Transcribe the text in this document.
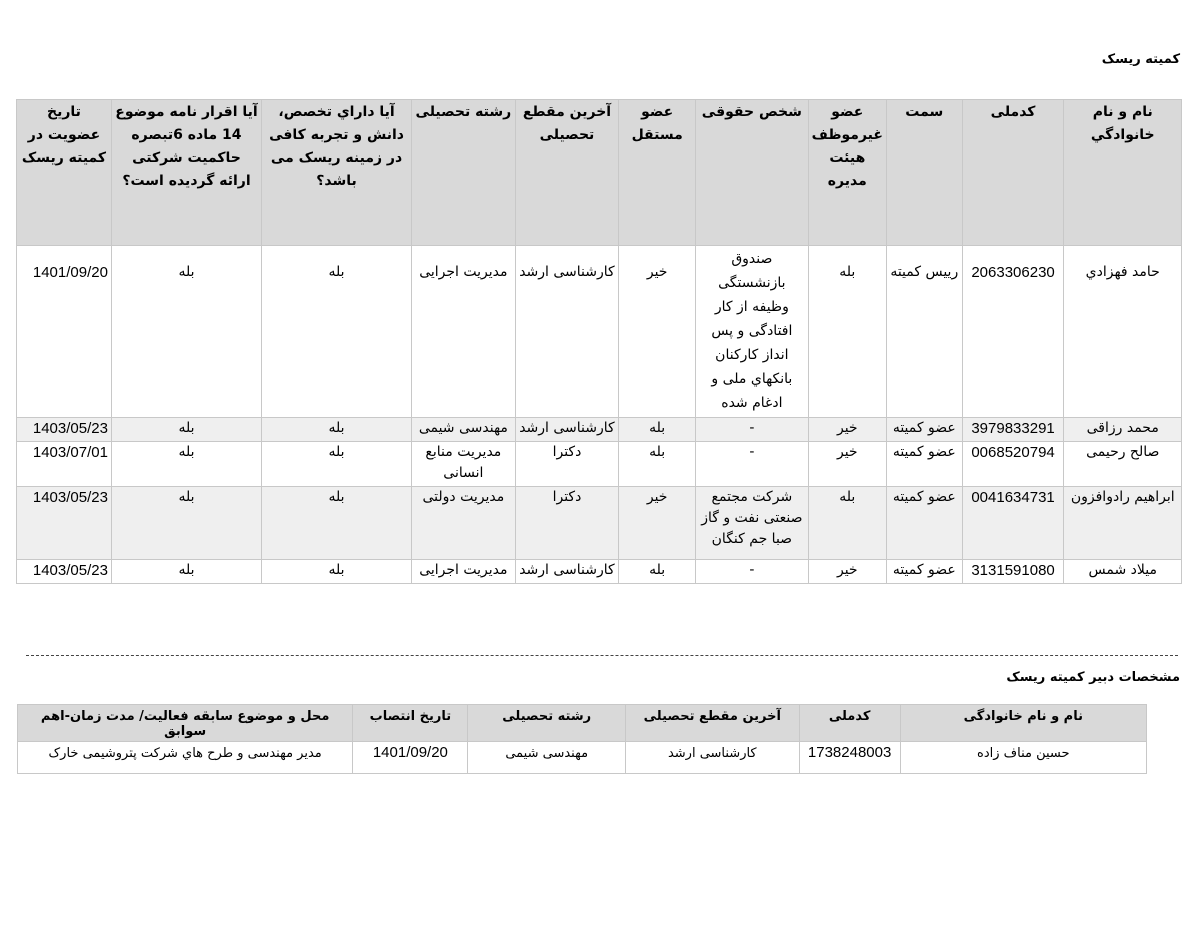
کمیته ریسک
نام و نام خانوادگي	کدملی	سمت	عضو غیرموظف هیئت مدیره	شخص حقوقی	عضو مستقل	آخرین مقطع تحصیلی	رشته تحصیلی	آيا داراي تخصص، دانش و تجربه کافی در زمینه ریسک می باشد؟	آیا اقرار نامه موضوع 14 ماده 6تبصره حاکمیت شرکتی ارائه گردیده است؟	تاریخ عضویت در کمیته ریسک
حامد فهزادي	2063306230	رییس کمیته	بله	صندوق بازنشستگی وظیفه از کار افتادگی و پس انداز کارکنان بانکهاي ملی و ادغام شده	خیر	کارشناسی ارشد	مدیریت اجرایی	بله	بله	1401/09/20
محمد رزاقی	3979833291	عضو کمیته	خیر	-	بله	کارشناسی ارشد	مهندسی شیمی	بله	بله	1403/05/23
صالح رحیمی	0068520794	عضو کمیته	خیر	-	بله	دکترا	مدیریت منابع انسانی	بله	بله	1403/07/01
ابراهیم رادوافزون	0041634731	عضو کمیته	بله	شرکت مجتمع صنعتی نفت و گاز صبا جم کنگان	خیر	دکترا	مدیریت دولتی	بله	بله	1403/05/23
میلاد شمس	3131591080	عضو کمیته	خیر	-	بله	کارشناسی ارشد	مدیریت اجرایی	بله	بله	1403/05/23
مشخصات دبیر کمیته ریسک
نام و نام خانوادگی	کدملی	آخرین مقطع تحصیلی	رشته تحصیلی	تاریخ انتصاب	محل و موضوع سابقه فعالیت/ مدت زمان-اهم سوابق
حسین مناف زاده	1738248003	کارشناسی ارشد	مهندسی شیمی	1401/09/20	مدیر مهندسی و طرح هاي شرکت پتروشیمی خارک
